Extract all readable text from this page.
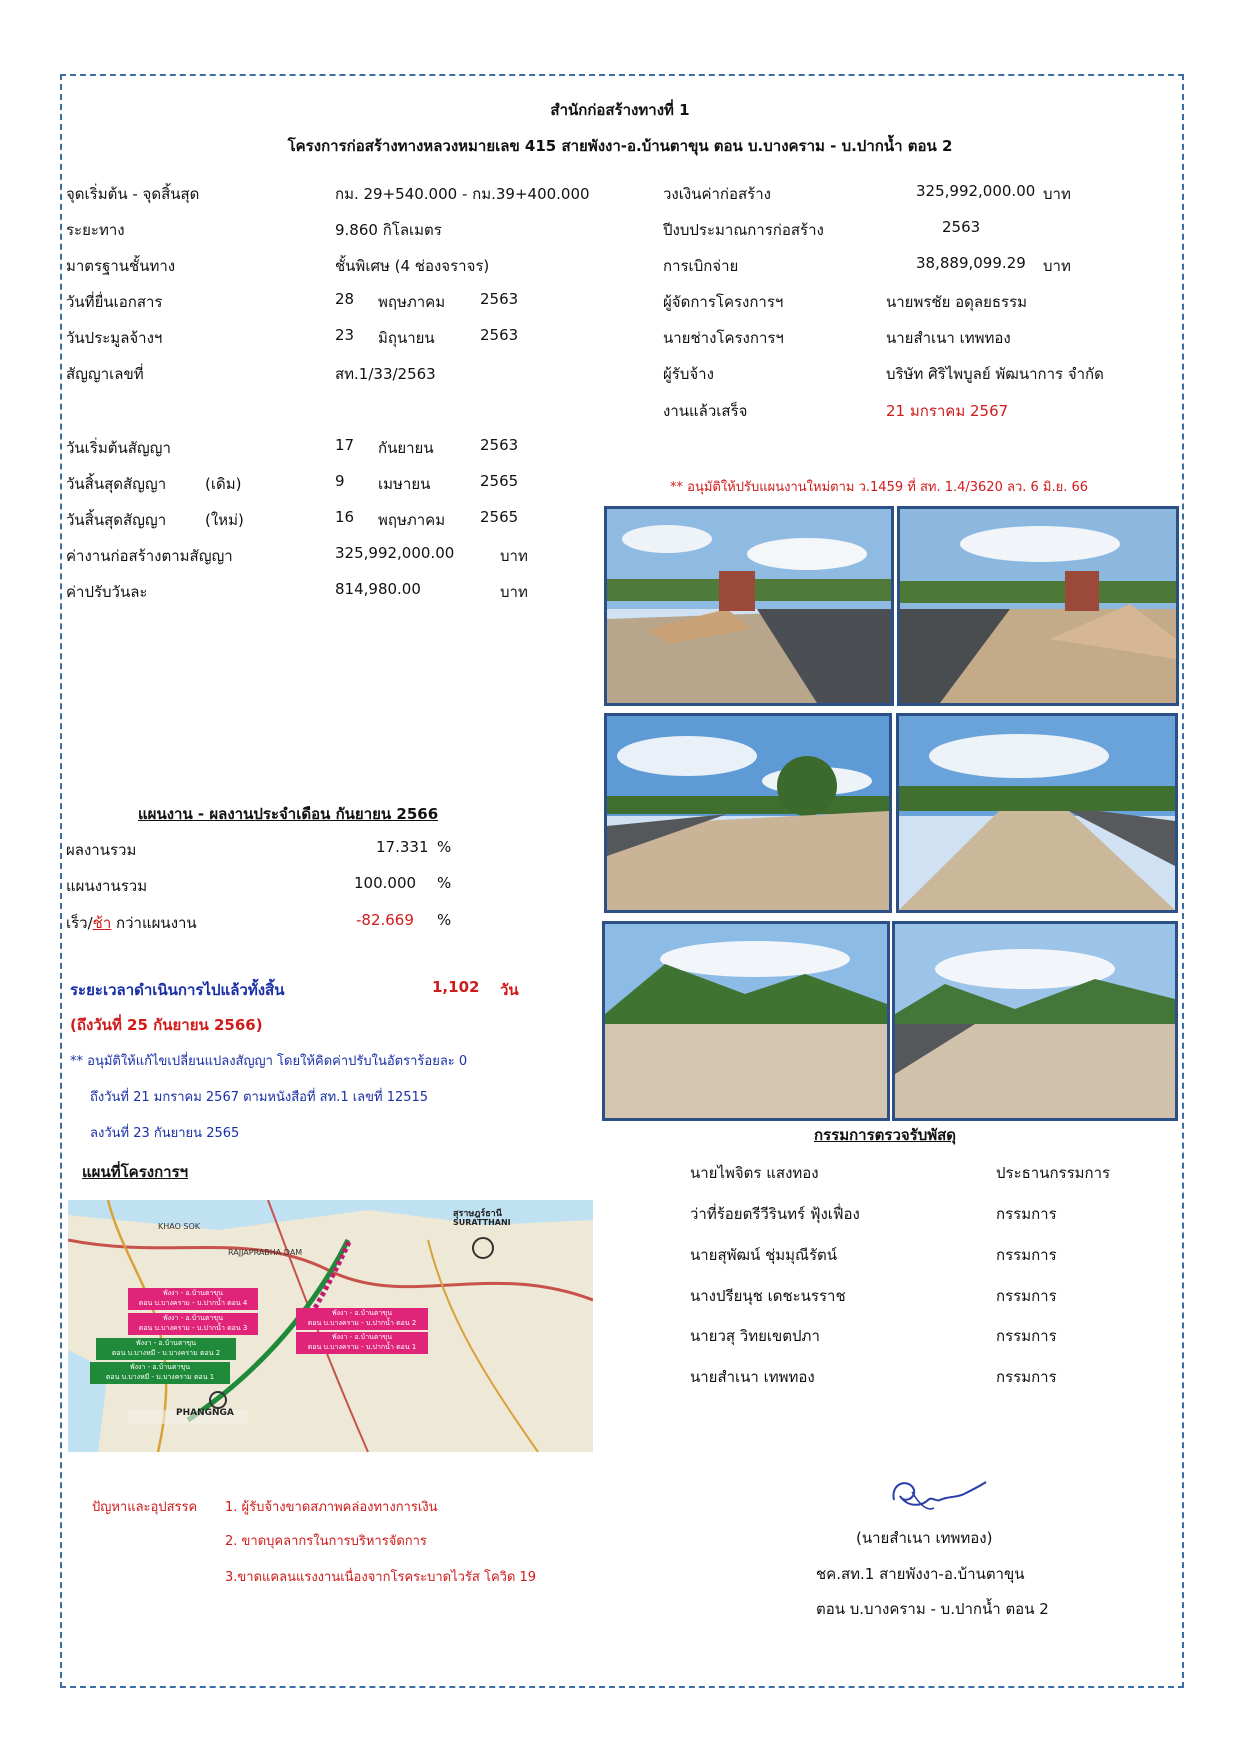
สำนักก่อสร้างทางที่ 1
โครงการก่อสร้างทางหลวงหมายเลข 415 สายพังงา-อ.บ้านตาขุน ตอน บ.บางคราม - บ.ปากน้ำ ตอน 2
จุดเริ่มต้น - จุดสิ้นสุด	กม. 29+540.000 - กม.39+400.000
ระยะทาง	9.860 กิโลเมตร
มาตรฐานชั้นทาง	ชั้นพิเศษ (4 ช่องจราจร)
วันที่ยื่นเอกสาร	28 พฤษภาคม 2563
วันประมูลจ้างฯ	23 มิถุนายน	2563
สัญญาเลขที่	สท.1/33/2563
วันเริ่มต้นสัญญา	17 กันยายน	2563
วันสิ้นสุดสัญญา	(เดิม)	9 เมษายน	2565
วันสิ้นสุดสัญญา	(ใหม่)	16 พฤษภาคม 2565
ค่างานก่อสร้างตามสัญญา	325,992,000.00	บาท
ค่าปรับวันละ	814,980.00	บาท
วงเงินค่าก่อสร้าง	325,992,000.00 บาท
ปีงบประมาณการก่อสร้าง	2563
การเบิกจ่าย	38,889,099.29 บาท
ผู้จัดการโครงการฯ	นายพรชัย อดุลยธรรม
นายช่างโครงการฯ	นายสำเนา เทพทอง
ผู้รับจ้าง	บริษัท ศิริไพบูลย์ พัฒนาการ จำกัด
งานแล้วเสร็จ	21 มกราคม 2567
** อนุมัติให้ปรับแผนงานใหม่ตาม ว.1459 ที่ สท. 1.4/3620 ลว. 6 มิ.ย. 66
แผนงาน - ผลงานประจำเดือน กันยายน 2566
ผลงานรวม	17.331 %
แผนงานรวม	100.000 %
เร็ว/ช้า กว่าแผนงาน	-82.669 %
ระยะเวลาดำเนินการไปแล้วทั้งสิ้น	1,102 วัน
(ถึงวันที่ 25 กันยายน 2566)
** อนุมัติให้แก้ไขเปลี่ยนแปลงสัญญา โดยให้คิดค่าปรับในอัตราร้อยละ 0
ถึงวันที่ 21 มกราคม 2567 ตามหนังสือที่ สท.1 เลขที่ 12515
ลงวันที่ 23 กันยายน 2565
แผนที่โครงการฯ
สุราษฎร์ธานี
SURATTHANI
PHANGNGA
KHAO SOK
RAJJAPRABHA DAM
พังงา - อ.บ้านตาขุน
ตอน บ.บางคราม - บ.ปากน้ำ ตอน 4
พังงา - อ.บ้านตาขุน
ตอน บ.บางคราม - บ.ปากน้ำ ตอน 3
พังงา - อ.บ้านตาขุน
ตอน บ.บางหมี - บ.บางคราม ตอน 2
พังงา - อ.บ้านตาขุน
ตอน บ.บางหมี - บ.บางคราม ตอน 1
พังงา - อ.บ้านตาขุน
ตอน บ.บางคราม - บ.ปากน้ำ ตอน 2
พังงา - อ.บ้านตาขุน
ตอน บ.บางคราม - บ.ปากน้ำ ตอน 1
ปัญหาและอุปสรรค 1. ผู้รับจ้างขาดสภาพคล่องทางการเงิน
2. ขาดบุคลากรในการบริหารจัดการ
3.ขาดแคลนแรงงานเนื่องจากโรคระบาดไวรัส โควิด 19
กรรมการตรวจรับพัสดุ
นายไพจิตร แสงทอง	ประธานกรรมการ
ว่าที่ร้อยตรีวีรินทร์ ฟุ้งเฟื่อง	กรรมการ
นายสุพัฒน์ ชุ่มมุณีรัตน์	กรรมการ
นางปรียนุช เดชะนรราช	กรรมการ
นายวสุ วิทยเขตปภา	กรรมการ
นายสำเนา เทพทอง	กรรมการ
(นายสำเนา เทพทอง)
ชค.สท.1 สายพังงา-อ.บ้านตาขุน
ตอน บ.บางคราม - บ.ปากน้ำ ตอน 2
